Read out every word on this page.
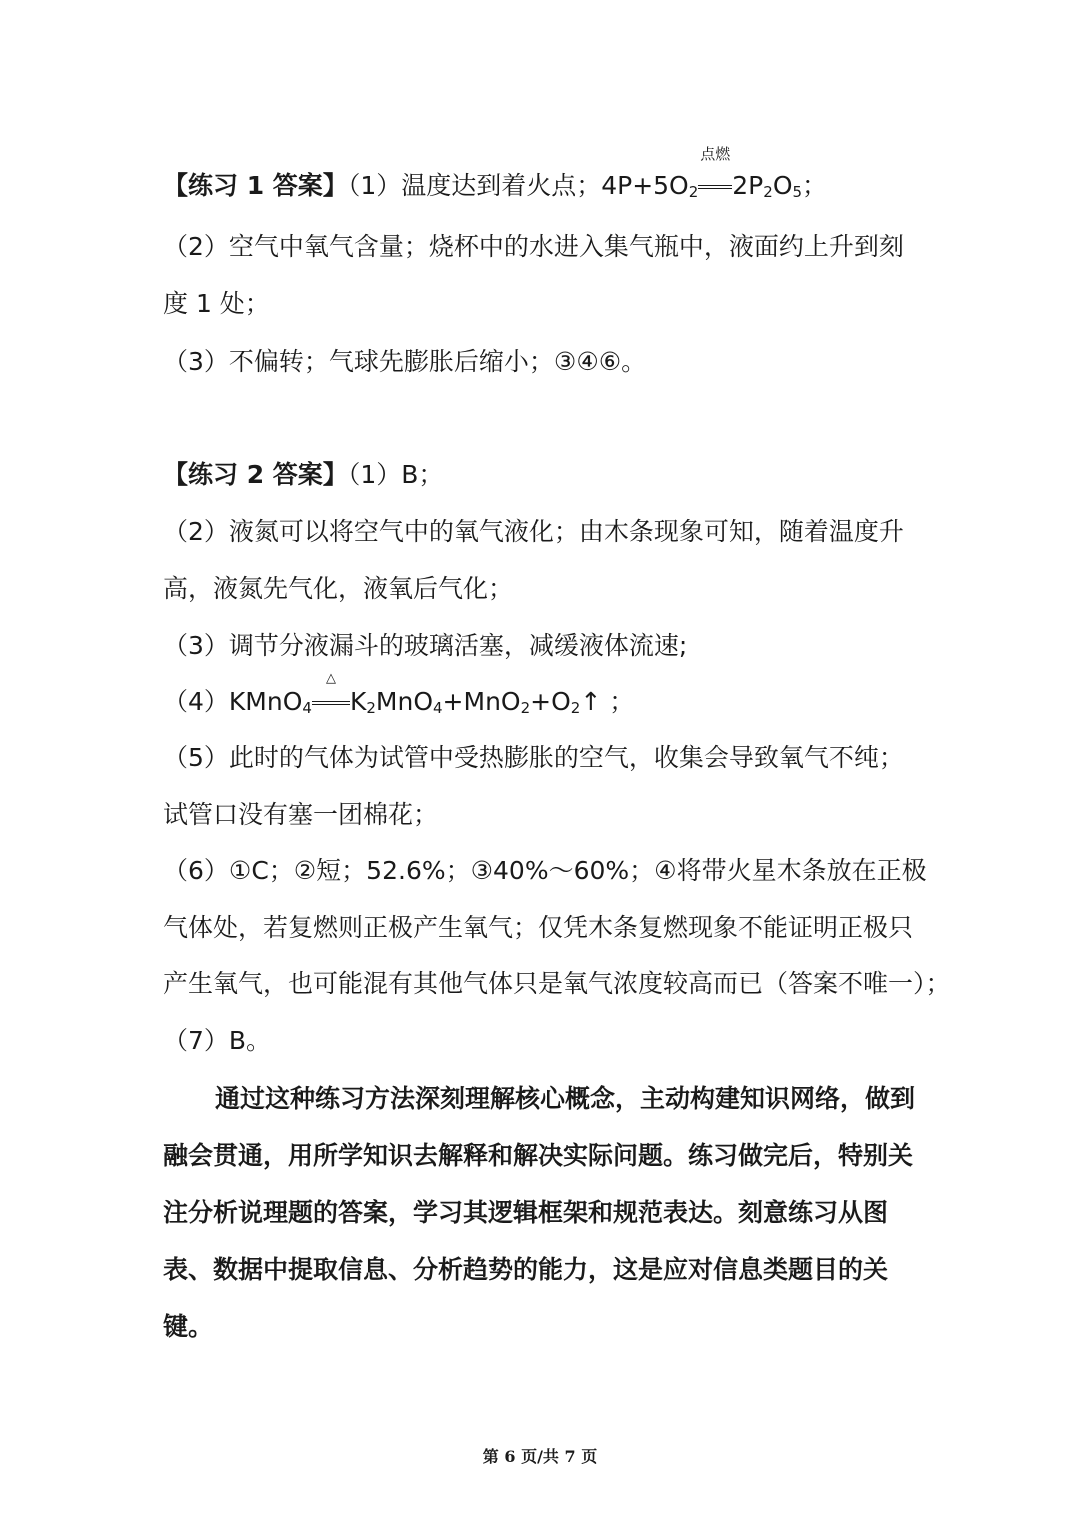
【练习 1 答案】（1）温度达到着火点；$4P+5O_2$
点燃
$2P_2O_5$；
（2）空气中氧气含量；烧杯中的水进入集气瓶中，液面约上升到刻
度 1 处；
（3）不偏转；气球先膨胀后缩小；③④⑥。
【练习 2 答案】（1）B；
（2）液氮可以将空气中的氧气液化；由木条现象可知，随着温度升
高，液氮先气化，液氧后气化；
（3）调节分液漏斗的玻璃活塞，减缓液体流速;
（4）KMnO$_4$
△
$K_2MnO_4+MnO_2+O_2↑$ ；
（5）此时的气体为试管中受热膨胀的空气，收集会导致氧气不纯；
试管口没有塞一团棉花；
（6）①C；②短；52.6%；③40%～60%；④将带火星木条放在正极
气体处，若复燃则正极产生氧气；仅凭木条复燃现象不能证明正极只
产生氧气，也可能混有其他气体只是氧气浓度较高而已（答案不唯一）；
（7）B。
通过这种练习方法深刻理解核心概念，主动构建知识网络，做到融会贯通，用所学知识去解释和解决实际问题。练习做完后，特别关注分析说理题的答案，学习其逻辑框架和规范表达。刻意练习从图表、数据中提取信息、分析趋势的能力，这是应对信息类题目的关键。
第 6 页/共 7 页
